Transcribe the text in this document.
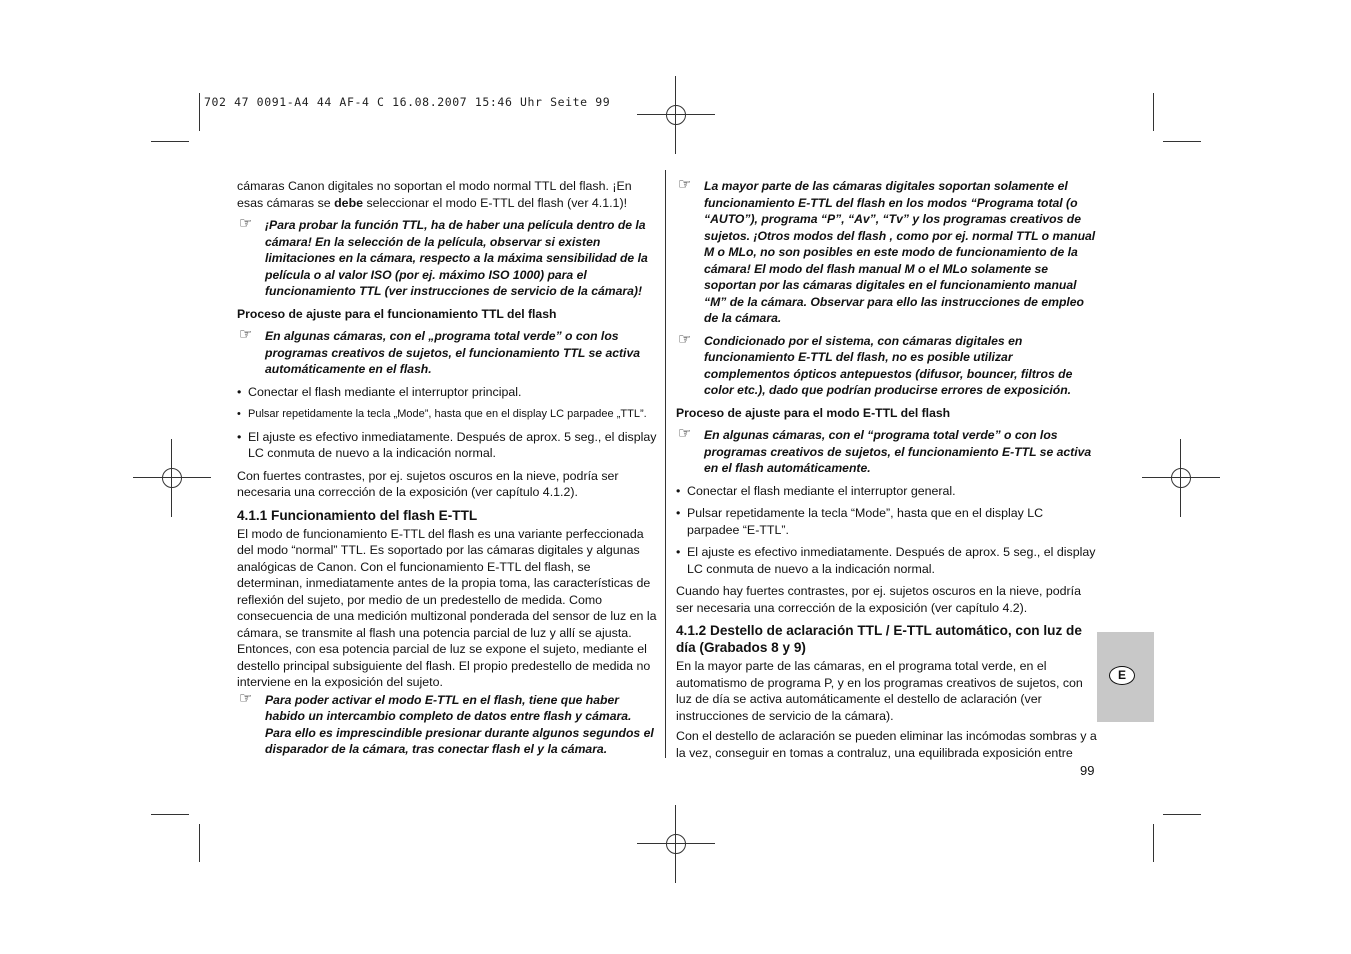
702 47 0091-A4 44 AF-4 C 16.08.2007 15:46 Uhr Seite 99

cámaras Canon digitales no soportan el modo normal TTL del flash. ¡En esas cámaras se debe seleccionar el modo E-TTL del flash (ver 4.1.1)!

☞ ¡Para probar la función TTL, ha de haber una película dentro de la cámara! En la selección de la película, observar si existen limitaciones en la cámara, respecto a la máxima sensibilidad de la película o al valor ISO (por ej. máximo ISO 1000) para el funcionamiento TTL (ver instrucciones de servicio de la cámara)!

Proceso de ajuste para el funcionamiento TTL del flash

☞ En algunas cámaras, con el „programa total verde” o con los programas creativos de sujetos, el funcionamiento TTL se activa automáticamente en el flash.

• Conectar el flash mediante el interruptor principal.

• Pulsar repetidamente la tecla „Mode”, hasta que en el display LC parpadee „TTL”.

• El ajuste es efectivo inmediatamente. Después de aprox. 5 seg., el display LC conmuta de nuevo a la indicación normal.

Con fuertes contrastes, por ej. sujetos oscuros en la nieve, podría ser necesaria una corrección de la exposición (ver capítulo 4.1.2).

4.1.1 Funcionamiento del flash E-TTL

El modo de funcionamiento E-TTL del flash es una variante perfeccionada del modo “normal” TTL. Es soportado por las cámaras digitales y algunas analógicas de Canon. Con el funcionamiento E-TTL del flash, se determinan, inmediatamente antes de la propia toma, las características de reflexión del sujeto, por medio de un predestello de medida. Como consecuencia de una medición multizonal ponderada del sensor de luz en la cámara, se transmite al flash una potencia parcial de luz y allí se ajusta. Entonces, con esa potencia parcial de luz se expone el sujeto, mediante el destello principal subsiguiente del flash. El propio predestello de medida no interviene en la exposición del sujeto.

☞ Para poder activar el modo E-TTL en el flash, tiene que haber habido un intercambio completo de datos entre flash y cámara. Para ello es imprescindible presionar durante algunos segundos el disparador de la cámara, tras conectar flash el y la cámara.
☞ La mayor parte de las cámaras digitales soportan solamente el funcionamiento E-TTL del flash en los modos “Programa total (o “AUTO”), programa “P”, “Av”, “Tv” y los programas creativos de sujetos. ¡Otros modos del flash , como por ej. normal TTL o manual M o MLo, no son posibles en este modo de funcionamiento de la cámara! El modo del flash manual M o el MLo solamente se soportan por las cámaras digitales en el funcionamiento manual “M” de la cámara. Observar para ello las instrucciones de empleo de la cámara.
☞ Condicionado por el sistema, con cámaras digitales en funcionamiento E-TTL del flash, no es posible utilizar complementos ópticos antepuestos (difusor, bouncer, filtros de color etc.), dado que podrían producirse errores de exposición.

Proceso de ajuste para el modo E-TTL del flash

☞ En algunas cámaras, con el “programa total verde” o con los programas creativos de sujetos, el funcionamiento E-TTL se activa en el flash automáticamente.

• Conectar el flash mediante el interruptor general.

• Pulsar repetidamente la tecla “Mode”, hasta que en el display LC parpadee “E-TTL”.

• El ajuste es efectivo inmediatamente. Después de aprox. 5 seg., el display LC conmuta de nuevo a la indicación normal.

Cuando hay fuertes contrastes, por ej. sujetos oscuros en la nieve, podría ser necesaria una corrección de la exposición (ver capítulo 4.2).

4.1.2 Destello de aclaración TTL / E-TTL automático, con luz de día (Grabados 8 y 9)

En la mayor parte de las cámaras, en el programa total verde, en el automatismo de programa P, y en los programas creativos de sujetos, con luz de día se activa automáticamente el destello de aclaración (ver instrucciones de servicio de la cámara).

Con el destello de aclaración se pueden eliminar las incómodas sombras y a la vez, conseguir en tomas a contraluz, una equilibrada exposición entre

E
99
